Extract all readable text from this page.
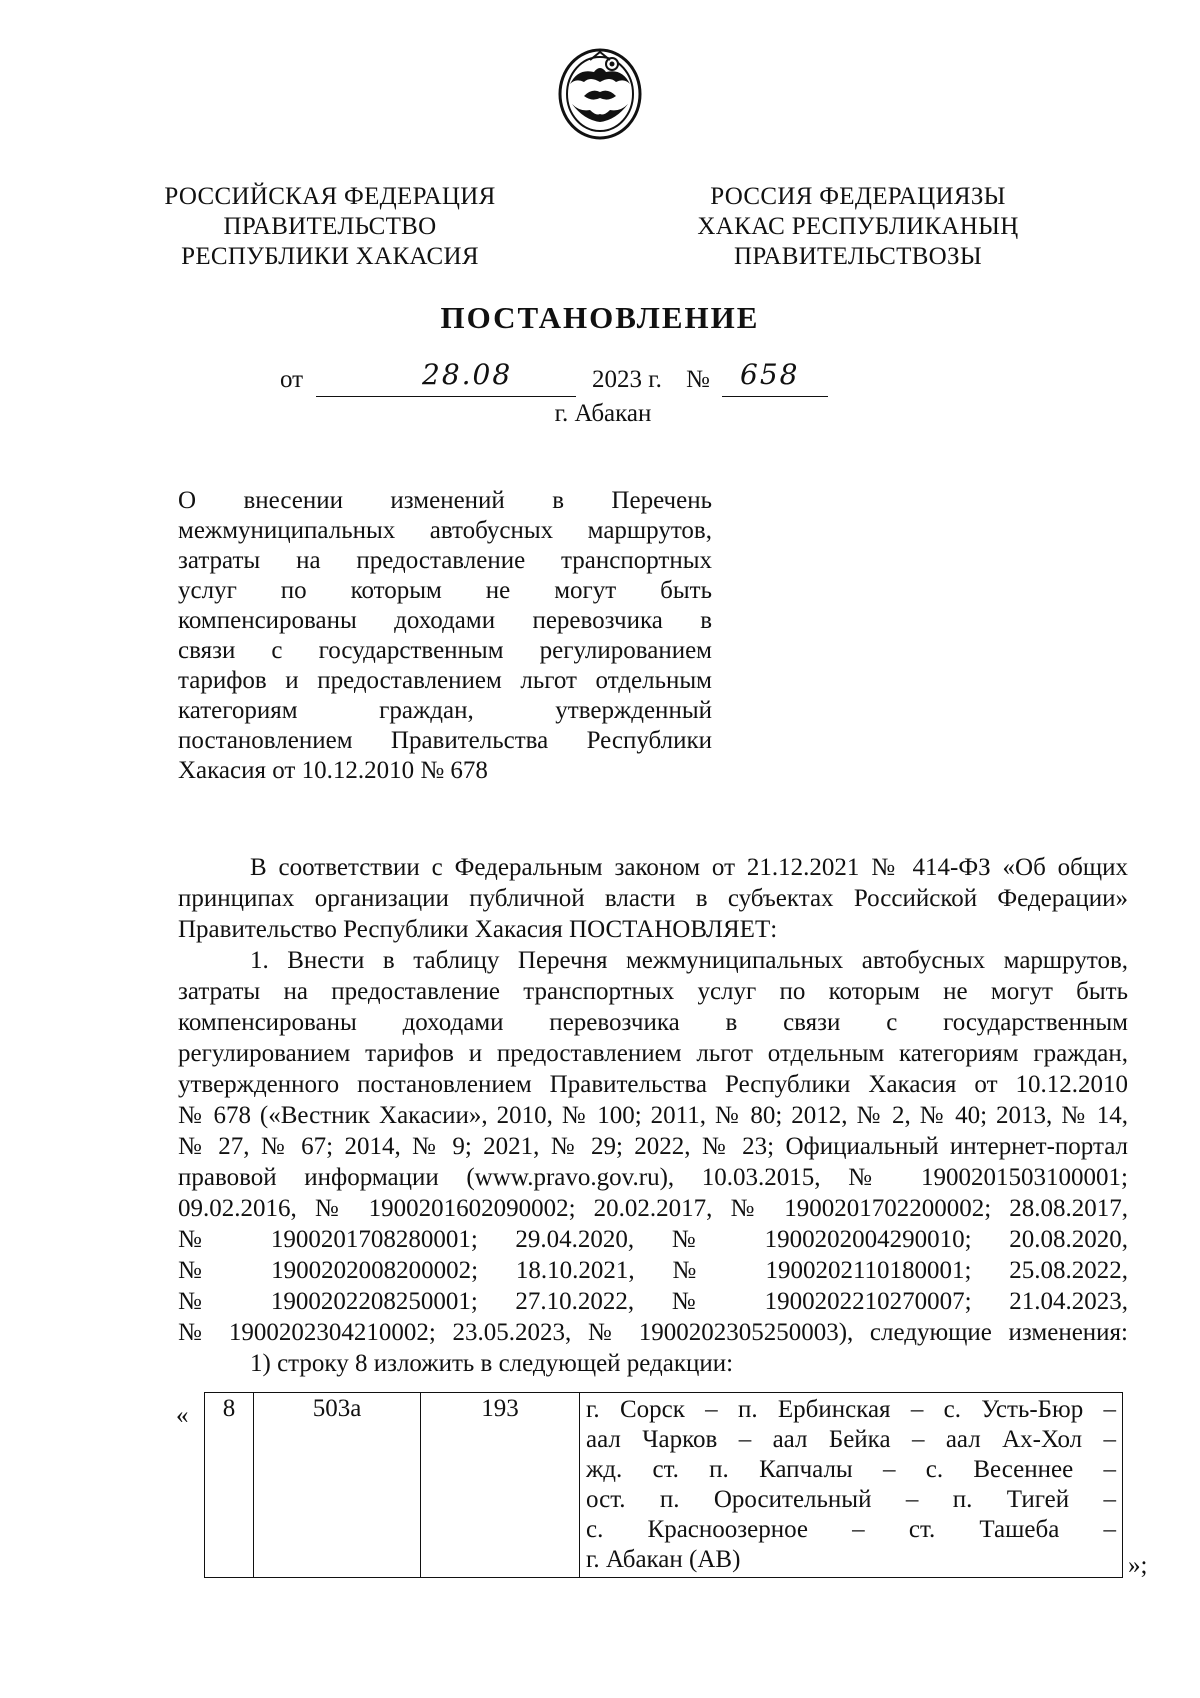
РОССИЙСКАЯ ФЕДЕРАЦИЯ
ПРАВИТЕЛЬСТВО
РЕСПУБЛИКИ ХАКАСИЯ
РОССИЯ ФЕДЕРАЦИЯЗЫ
ХАКАС РЕСПУБЛИКАНЫҢ
ПРАВИТЕЛЬСТВОЗЫ
ПОСТАНОВЛЕНИЕ
от	28.08	2023 г. № 658
г. Абакан
О внесении изменений в Перечень
межмуниципальных автобусных маршрутов,
затраты на предоставление транспортных
услуг по которым не могут быть
компенсированы доходами перевозчика в
связи с государственным регулированием
тарифов и предоставлением льгот отдельным
категориям граждан, утвержденный
постановлением Правительства Республики
Хакасия от 10.12.2010 № 678
В соответствии с Федеральным законом от 21.12.2021 № 414-ФЗ «Об общих
принципах организации публичной власти в субъектах Российской Федерации»
Правительство Республики Хакасия ПОСТАНОВЛЯЕТ:
1. Внести в таблицу Перечня межмуниципальных автобусных маршрутов,
затраты на предоставление транспортных услуг по которым не могут быть
компенсированы доходами перевозчика в связи с государственным
регулированием тарифов и предоставлением льгот отдельным категориям граждан,
утвержденного постановлением Правительства Республики Хакасия от 10.12.2010
№ 678 («Вестник Хакасии», 2010, № 100; 2011, № 80; 2012, № 2, № 40; 2013, № 14,
№ 27, № 67; 2014, № 9; 2021, № 29; 2022, № 23; Официальный интернет-портал
правовой информации (www.pravo.gov.ru), 10.03.2015, № 1900201503100001;
09.02.2016, № 1900201602090002; 20.02.2017, № 1900201702200002; 28.08.2017,
№ 1900201708280001; 29.04.2020, № 1900202004290010; 20.08.2020,
№ 1900202008200002; 18.10.2021, № 1900202110180001; 25.08.2022,
№ 1900202208250001; 27.10.2022, № 1900202210270007; 21.04.2023,
№ 1900202304210002; 23.05.2023, № 1900202305250003), следующие изменения:
1) строку 8 изложить в следующей редакции:
« 8	503а	193	г. Сорск – п. Ербинская – с. Усть-Бюр –
аал Чарков – аал Бейка – аал Ах-Хол –
жд. ст. п. Капчалы – с. Весеннее –
ост. п. Оросительный – п. Тигей –
с. Красноозерное – ст. Ташеба –
г. Абакан (АВ)	»;
